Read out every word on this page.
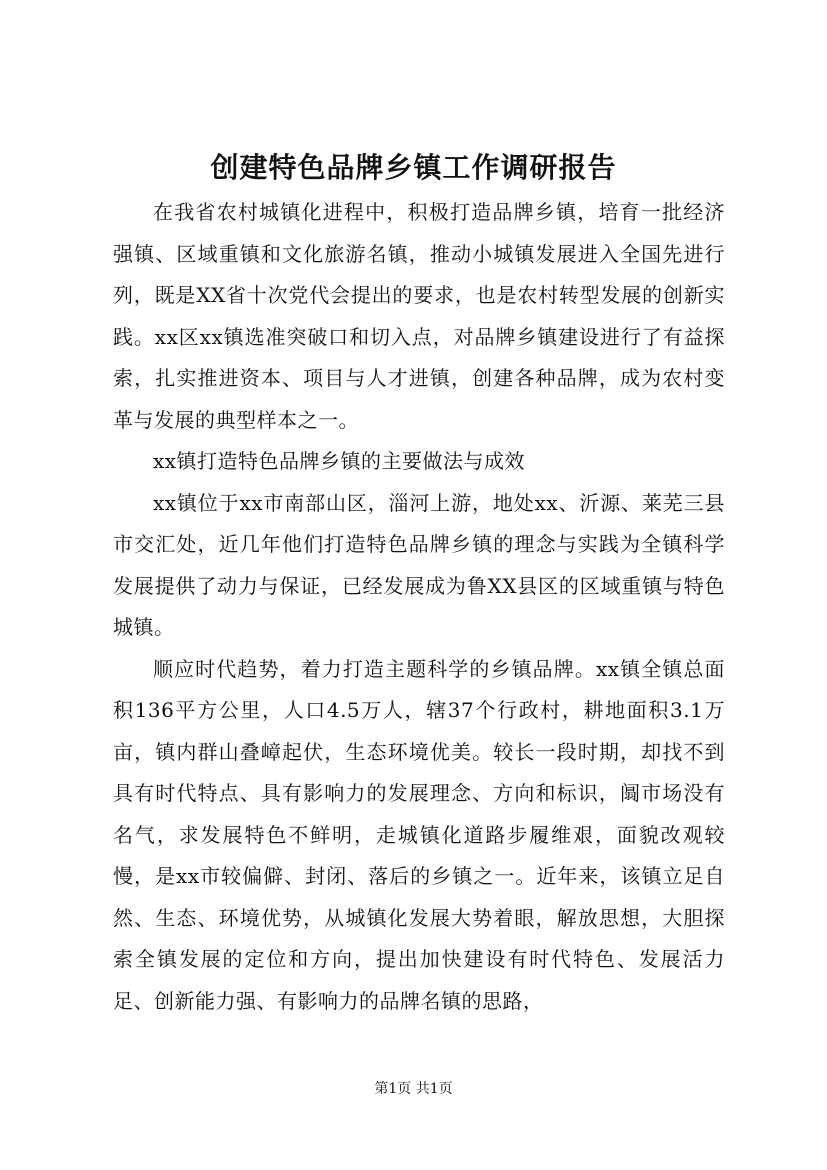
创建特色品牌乡镇工作调研报告

在我省农村城镇化进程中，积极打造品牌乡镇，培育一批经济强镇、区域重镇和文化旅游名镇，推动小城镇发展进入全国先进行列，既是XX省十次党代会提出的要求，也是农村转型发展的创新实践。xx区xx镇选准突破口和切入点，对品牌乡镇建设进行了有益探索，扎实推进资本、项目与人才进镇，创建各种品牌，成为农村变革与发展的典型样本之一。

xx镇打造特色品牌乡镇的主要做法与成效

xx镇位于xx市南部山区，淄河上游，地处xx、沂源、莱芜三县市交汇处，近几年他们打造特色品牌乡镇的理念与实践为全镇科学发展提供了动力与保证，已经发展成为鲁XX县区的区域重镇与特色城镇。

顺应时代趋势，着力打造主题科学的乡镇品牌。xx镇全镇总面积136平方公里，人口4.5万人，辖37个行政村，耕地面积3.1万亩，镇内群山叠嶂起伏，生态环境优美。较长一段时期，却找不到具有时代特点、具有影响力的发展理念、方向和标识，阘市场没有名气，求发展特色不鲜明，走城镇化道路步履维艰，面貌改观较慢，是xx市较偏僻、封闭、落后的乡镇之一。近年来，该镇立足自然、生态、环境优势，从城镇化发展大势着眼，解放思想，大胆探索全镇发展的定位和方向，提出加快建设有时代特色、发展活力足、创新能力强、有影响力的品牌名镇的思路，

第1页 共1页
